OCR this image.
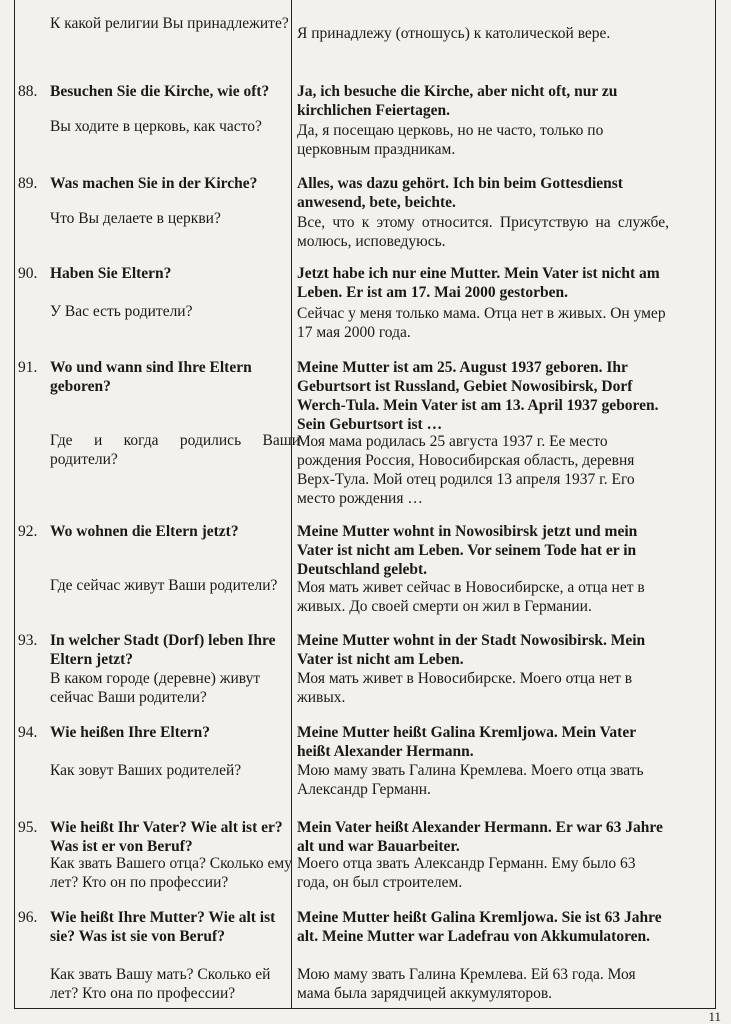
К какой религии Вы принадлежите?
Я принадлежу (отношусь) к католической вере.
88. Besuchen Sie die Kirche, wie oft?
Вы ходите в церковь, как часто?
Ja, ich besuche die Kirche, aber nicht oft, nur zu kirchlichen Feiertagen.
Да, я посещаю церковь, но не часто, только по церковным праздникам.
89. Was machen Sie in der Kirche?
Что Вы делаете в церкви?
Alles, was dazu gehört. Ich bin beim Gottesdienst anwesend, bete, beichte.
Все, что к этому относится. Присутствую на службе, молюсь, исповедуюсь.
90. Haben Sie Eltern?
У Вас есть родители?
Jetzt habe ich nur eine Mutter. Mein Vater ist nicht am Leben. Er ist am 17. Mai 2000 gestorben.
Сейчас у меня только мама. Отца нет в живых. Он умер 17 мая 2000 года.
91. Wo und wann sind Ihre Eltern geboren?
Где и когда родились Ваши родители?
Meine Mutter ist am 25. August 1937 geboren. Ihr Geburtsort ist Russland, Gebiet Nowosibirsk, Dorf Werch-Tula. Mein Vater ist am 13. April 1937 geboren. Sein Geburtsort ist …
Моя мама родилась 25 августа 1937 г. Ее место рождения Россия, Новосибирская область, деревня Верх-Тула. Мой отец родился 13 апреля 1937 г. Его место рождения …
92. Wo wohnen die Eltern jetzt?
Где сейчас живут Ваши родители?
Meine Mutter wohnt in Nowosibirsk jetzt und mein Vater ist nicht am Leben. Vor seinem Tode hat er in Deutschland gelebt.
Моя мать живет сейчас в Новосибирске, а отца нет в живых. До своей смерти он жил в Германии.
93. In welcher Stadt (Dorf) leben Ihre Eltern jetzt?
В каком городе (деревне) живут сейчас Ваши родители?
Meine Mutter wohnt in der Stadt Nowosibirsk. Mein Vater ist nicht am Leben.
Моя мать живет в Новосибирске. Моего отца нет в живых.
94. Wie heißen Ihre Eltern?
Как зовут Ваших родителей?
Meine Mutter heißt Galina Kremljowa. Mein Vater heißt Alexander Hermann.
Мою маму звать Галина Кремлева. Моего отца звать Александр Германн.
95. Wie heißt Ihr Vater? Wie alt ist er? Was ist er von Beruf?
Как звать Вашего отца? Сколько ему лет? Кто он по профессии?
Mein Vater heißt Alexander Hermann. Er war 63 Jahre alt und war Bauarbeiter.
Моего отца звать Александр Германн. Ему было 63 года, он был строителем.
96. Wie heißt Ihre Mutter? Wie alt ist sie? Was ist sie von Beruf?
Как звать Вашу мать? Сколько ей лет? Кто она по профессии?
Meine Mutter heißt Galina Kremljowa. Sie ist 63 Jahre alt. Meine Mutter war Ladefrau von Akkumulatoren.
Мою маму звать Галина Кремлева. Ей 63 года. Моя мама была зарядчицей аккумуляторов.
11
